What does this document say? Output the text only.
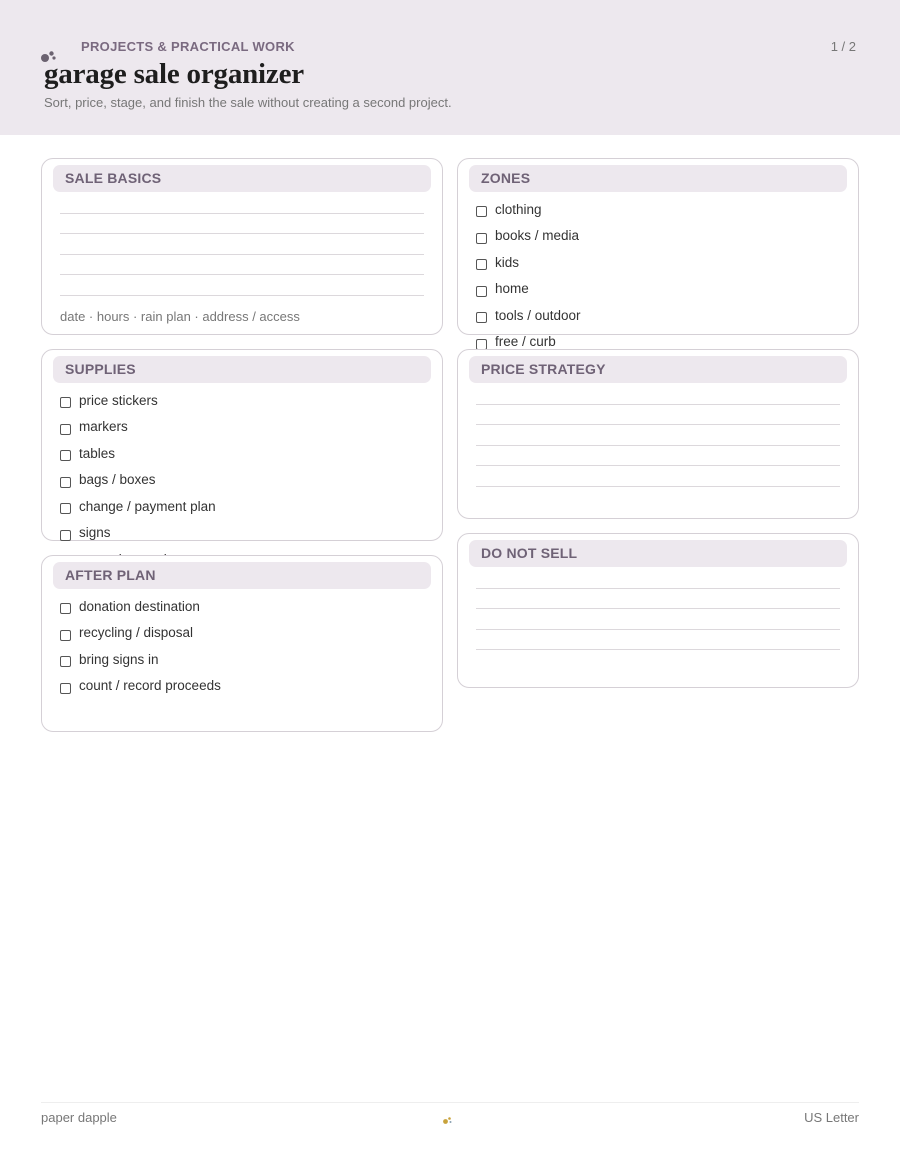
PROJECTS & PRACTICAL WORK	1 / 2
garage sale organizer
Sort, price, stage, and finish the sale without creating a second project.
SALE BASICS
date · hours · rain plan · address / access
ZONES
clothing
books / media
kids
home
tools / outdoor
free / curb
SUPPLIES
price stickers
markers
tables
bags / boxes
change / payment plan
signs
PRICE STRATEGY
AFTER PLAN
donation destination
recycling / disposal
bring signs in
count / record proceeds
DO NOT SELL
paper dapple	US Letter
